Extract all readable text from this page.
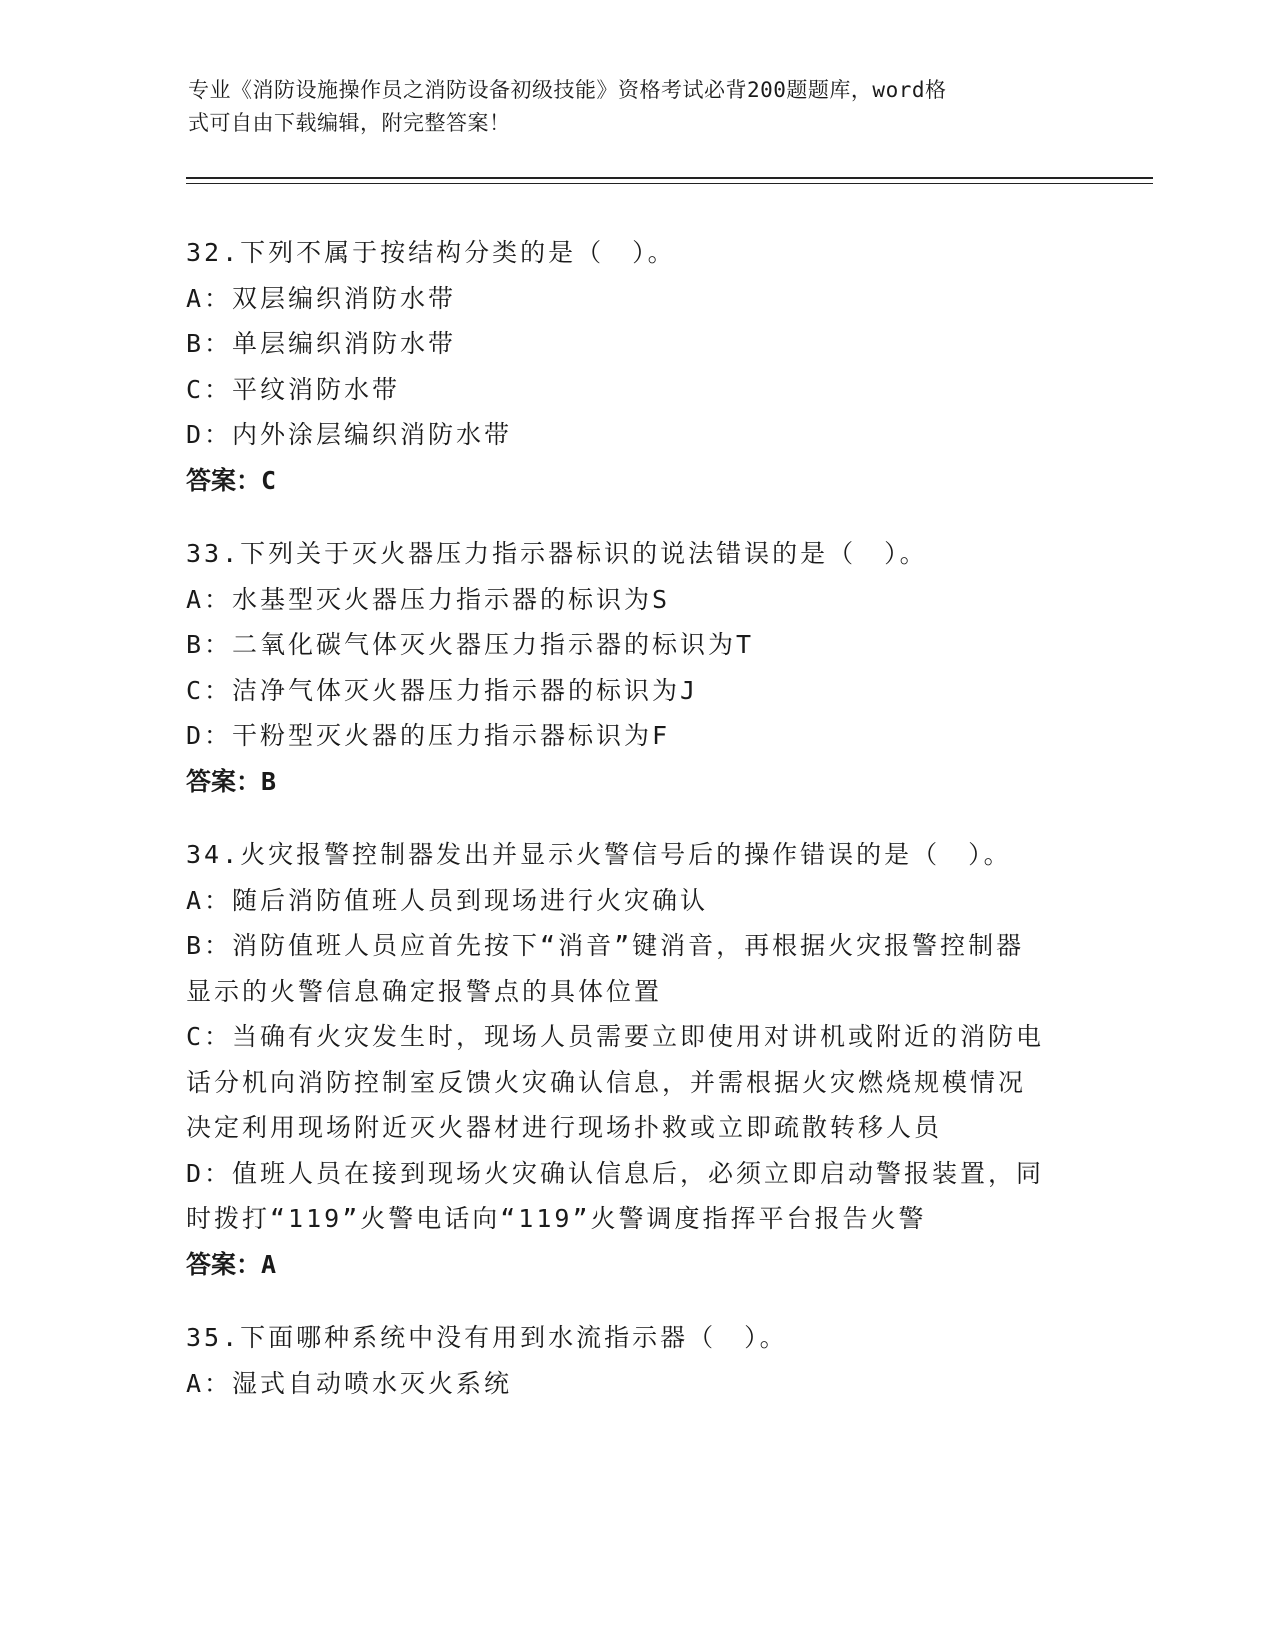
专业《消防设施操作员之消防设备初级技能》资格考试必背200题题库，word格
式可自由下载编辑，附完整答案！

32.下列不属于按结构分类的是（　）。

A：双层编织消防水带

B：单层编织消防水带

C：平纹消防水带

D：内外涂层编织消防水带

答案：C

33.下列关于灭火器压力指示器标识的说法错误的是（　）。

A：水基型灭火器压力指示器的标识为S

B：二氧化碳气体灭火器压力指示器的标识为T

C：洁净气体灭火器压力指示器的标识为J

D：干粉型灭火器的压力指示器标识为F

答案：B

34.火灾报警控制器发出并显示火警信号后的操作错误的是（　）。

A：随后消防值班人员到现场进行火灾确认

B：消防值班人员应首先按下“消音”键消音，再根据火灾报警控制器

显示的火警信息确定报警点的具体位置

C：当确有火灾发生时，现场人员需要立即使用对讲机或附近的消防电

话分机向消防控制室反馈火灾确认信息，并需根据火灾燃烧规模情况

决定利用现场附近灭火器材进行现场扑救或立即疏散转移人员

D：值班人员在接到现场火灾确认信息后，必须立即启动警报装置，同

时拨打“119”火警电话向“119”火警调度指挥平台报告火警

答案：A

35.下面哪种系统中没有用到水流指示器（　）。

A：湿式自动喷水灭火系统
